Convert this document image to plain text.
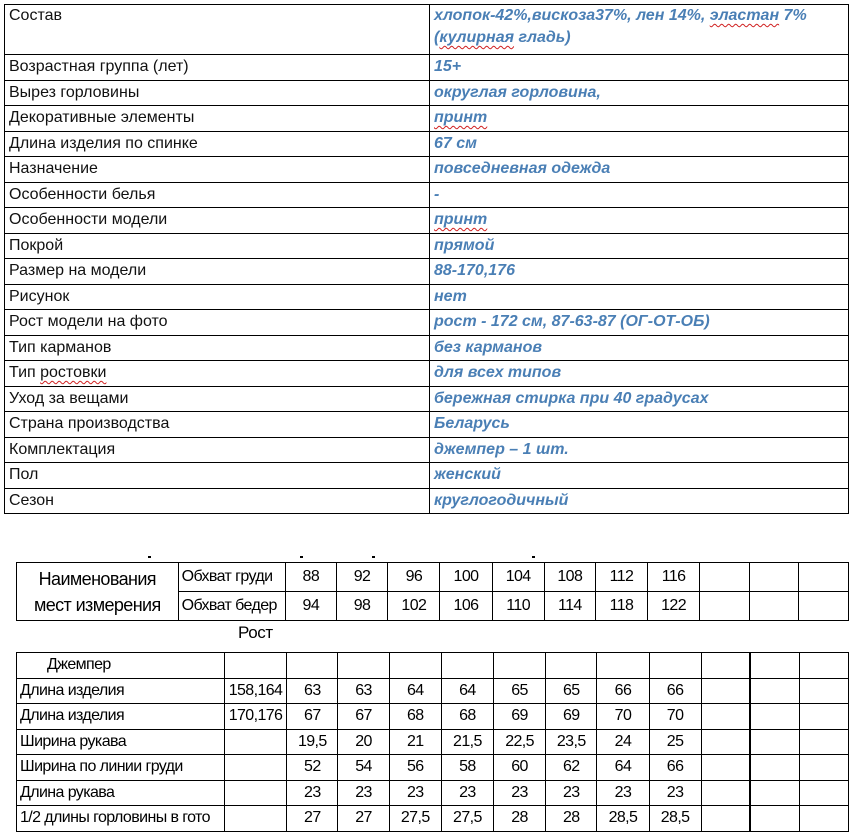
Состав	хлопок-42%,вискоза37%, лен 14%, эластан 7% (кулирная гладь)
Возрастная группа (лет)	15+
Вырез горловины	округлая горловина,
Декоративные элементы	принт
Длина изделия по спинке	67 см
Назначение	повседневная одежда
Особенности белья	-
Особенности модели	принт
Покрой	прямой
Размер на модели	88-170,176
Рисунок	нет
Рост модели на фото	рост - 172 см, 87-63-87 (ОГ-ОТ-ОБ)
Тип карманов	без карманов
Тип ростовки	для всех типов
Уход за вещами	бережная стирка при 40 градусах
Страна производства	Беларусь
Комплектация	джемпер – 1 шт.
Пол	женский
Сезон	круглогодичный
Наименования
мест измерения	Обхват груди	88	92	96	100	104	108	112	116			
	Обхват бедер	94	98	102	106	110	114	118	122			
Рост
Джемпер												
Длина изделия	158,164	63	63	64	64	65	65	66	66			
Длина изделия	170,176	67	67	68	68	69	69	70	70			
Ширина рукава		19,5	20	21	21,5	22,5	23,5	24	25			
Ширина по линии груди		52	54	56	58	60	62	64	66			
Длина рукава		23	23	23	23	23	23	23	23			
1/2 длины горловины в гото		27	27	27,5	27,5	28	28	28,5	28,5			
